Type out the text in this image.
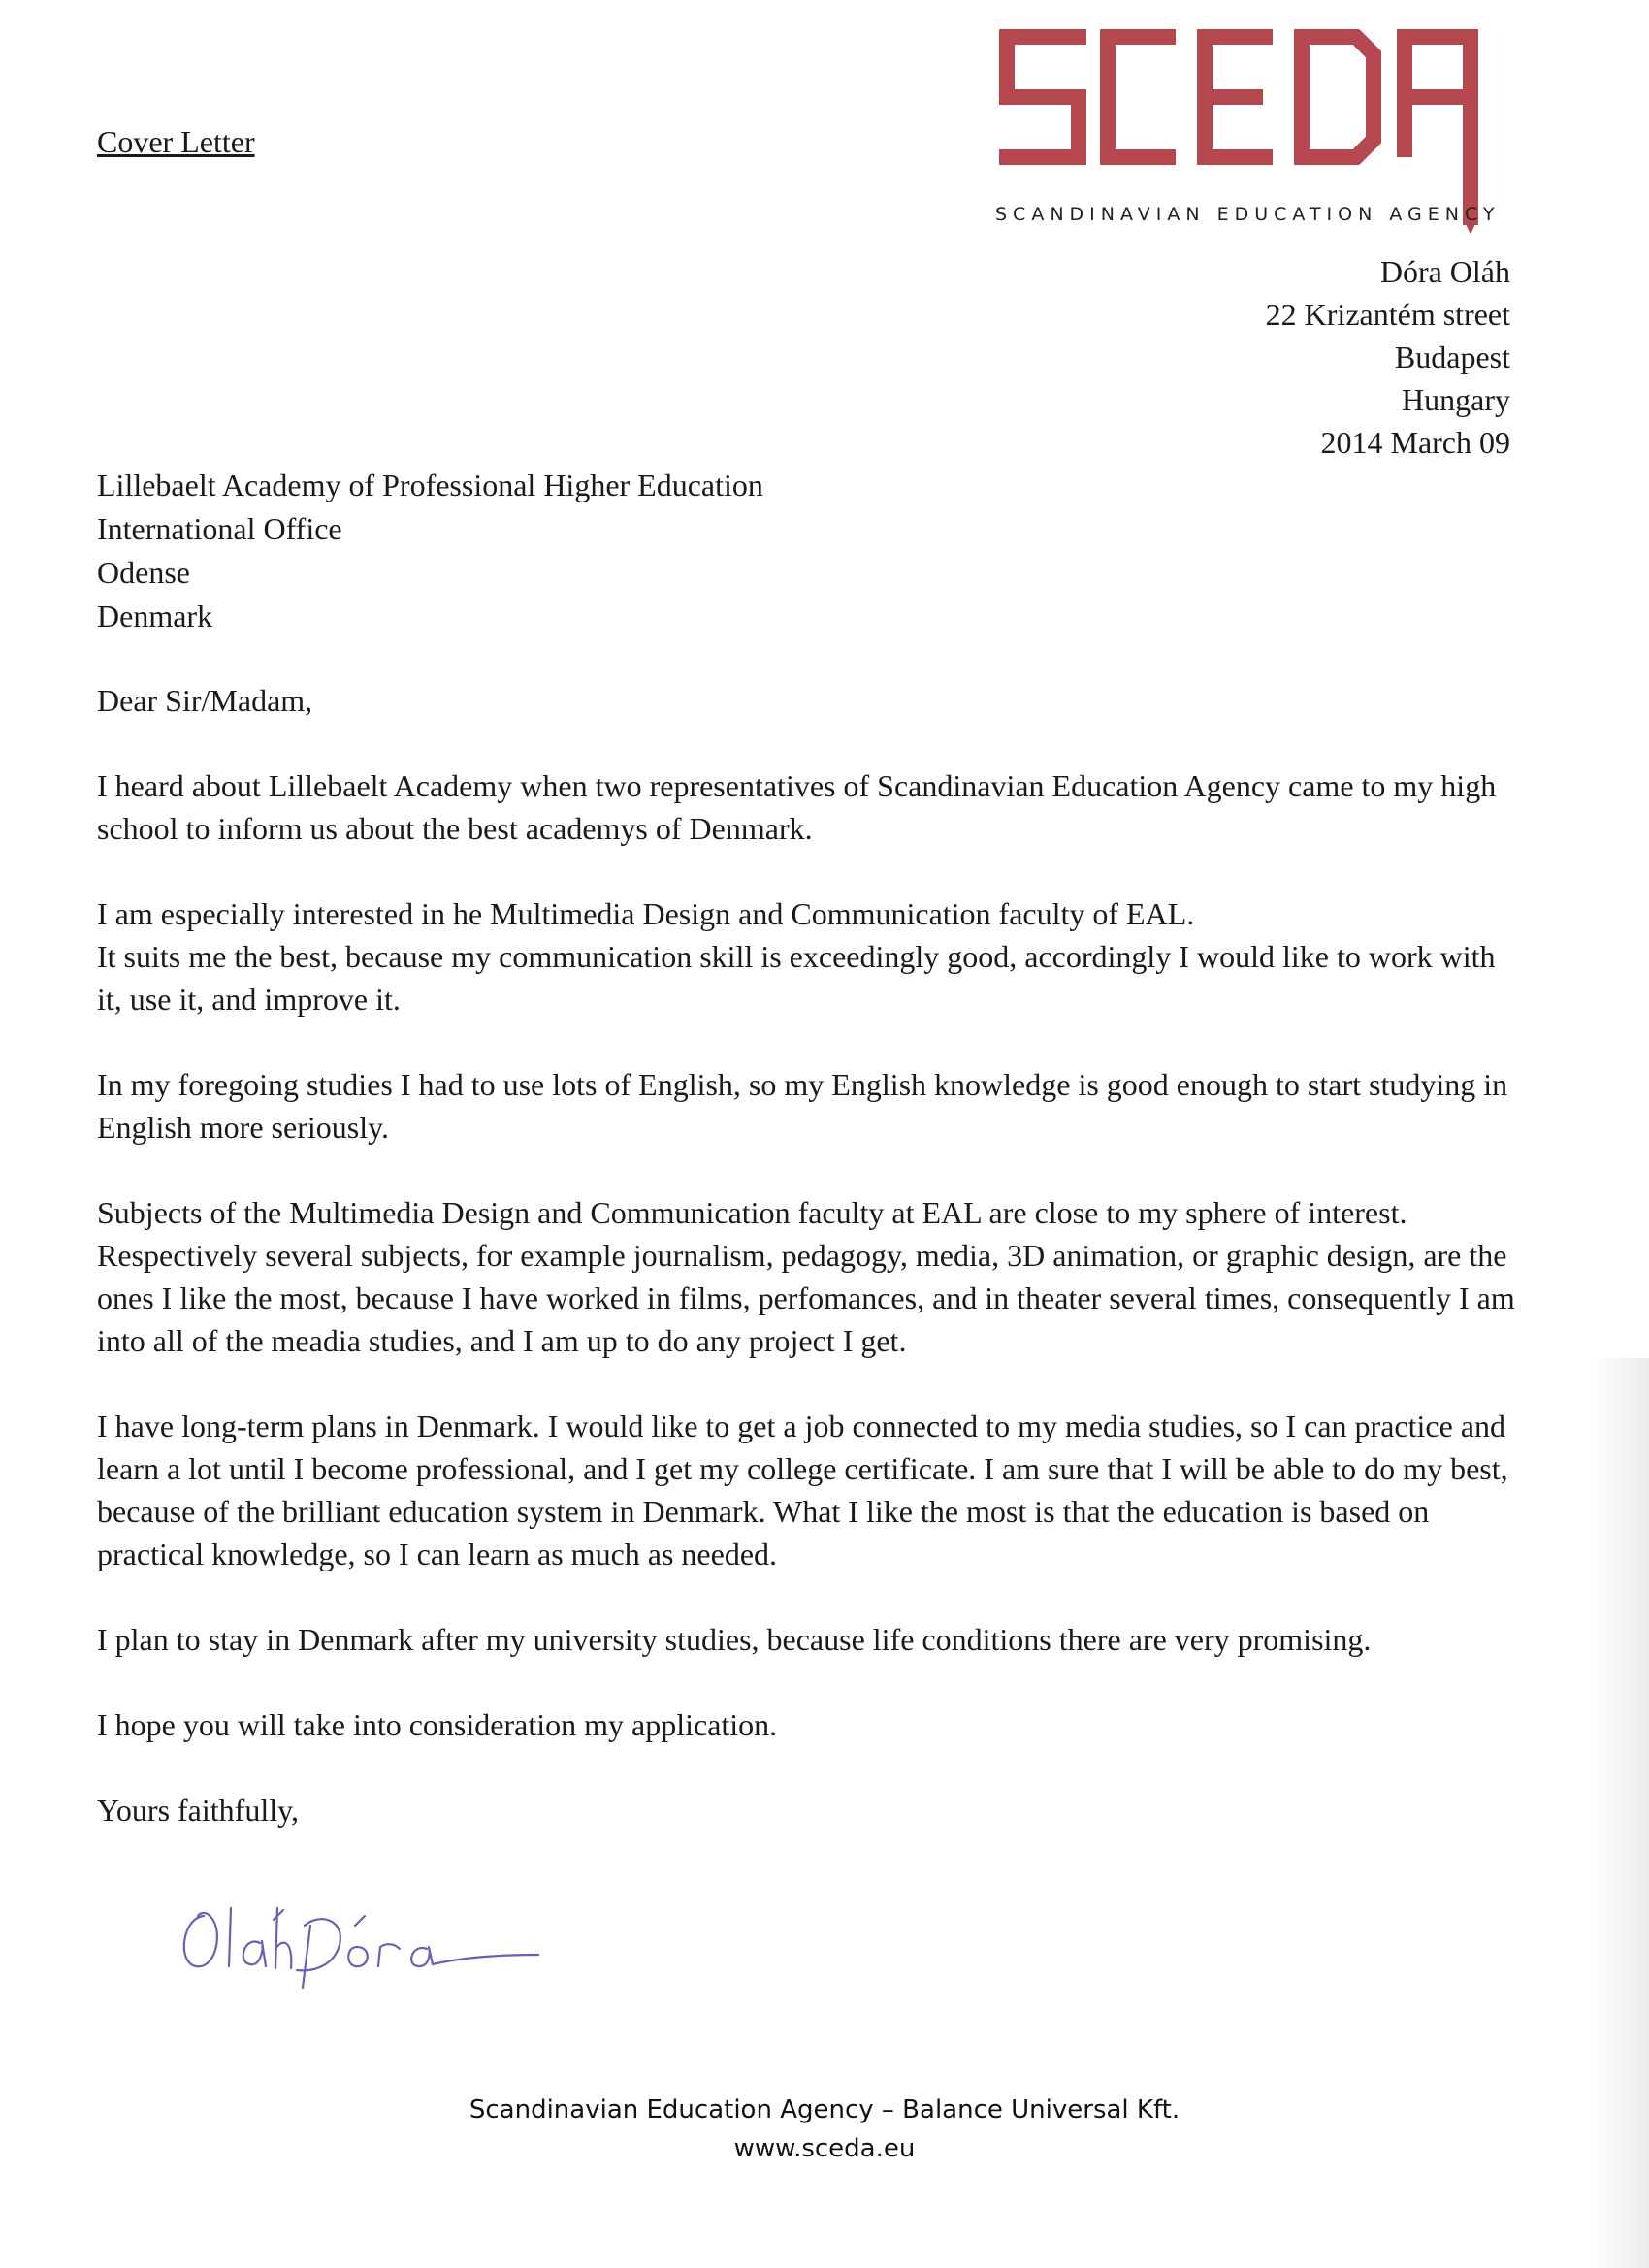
Cover Letter
SCANDINAVIAN EDUCATION AGENCY
Dóra Oláh
22 Krizantém street
Budapest
Hungary
2014 March 09
Lillebaelt Academy of Professional Higher Education
International Office
Odense
Denmark

Dear Sir/Madam,

I heard about Lillebaelt Academy when two representatives of Scandinavian Education Agency came to my high school to inform us about the best academys of Denmark.

I am especially interested in he Multimedia Design and Communication faculty of EAL.
It suits me the best, because my communication skill is exceedingly good, accordingly I would like to work with it, use it, and improve it.

In my foregoing studies I had to use lots of English, so my English knowledge is good enough to start studying in English more seriously.

Subjects of the Multimedia Design and Communication faculty at EAL are close to my sphere of interest. Respectively several subjects, for example journalism, pedagogy, media, 3D animation, or graphic design, are the ones I like the most, because I have worked in films, perfomances, and in theater several times, consequently I am into all of the meadia studies, and I am up to do any project I get.

I have long-term plans in Denmark. I would like to get a job connected to my media studies, so I can practice and learn a lot until I become professional, and I get my college certificate. I am sure that I will be able to do my best, because of the brilliant education system in Denmark. What I like the most is that the education is based on practical knowledge, so I can learn as much as needed.

I plan to stay in Denmark after my university studies, because life conditions there are very promising.

I hope you will take into consideration my application.

Yours faithfully,

Scandinavian Education Agency – Balance Universal Kft.
www.sceda.eu
